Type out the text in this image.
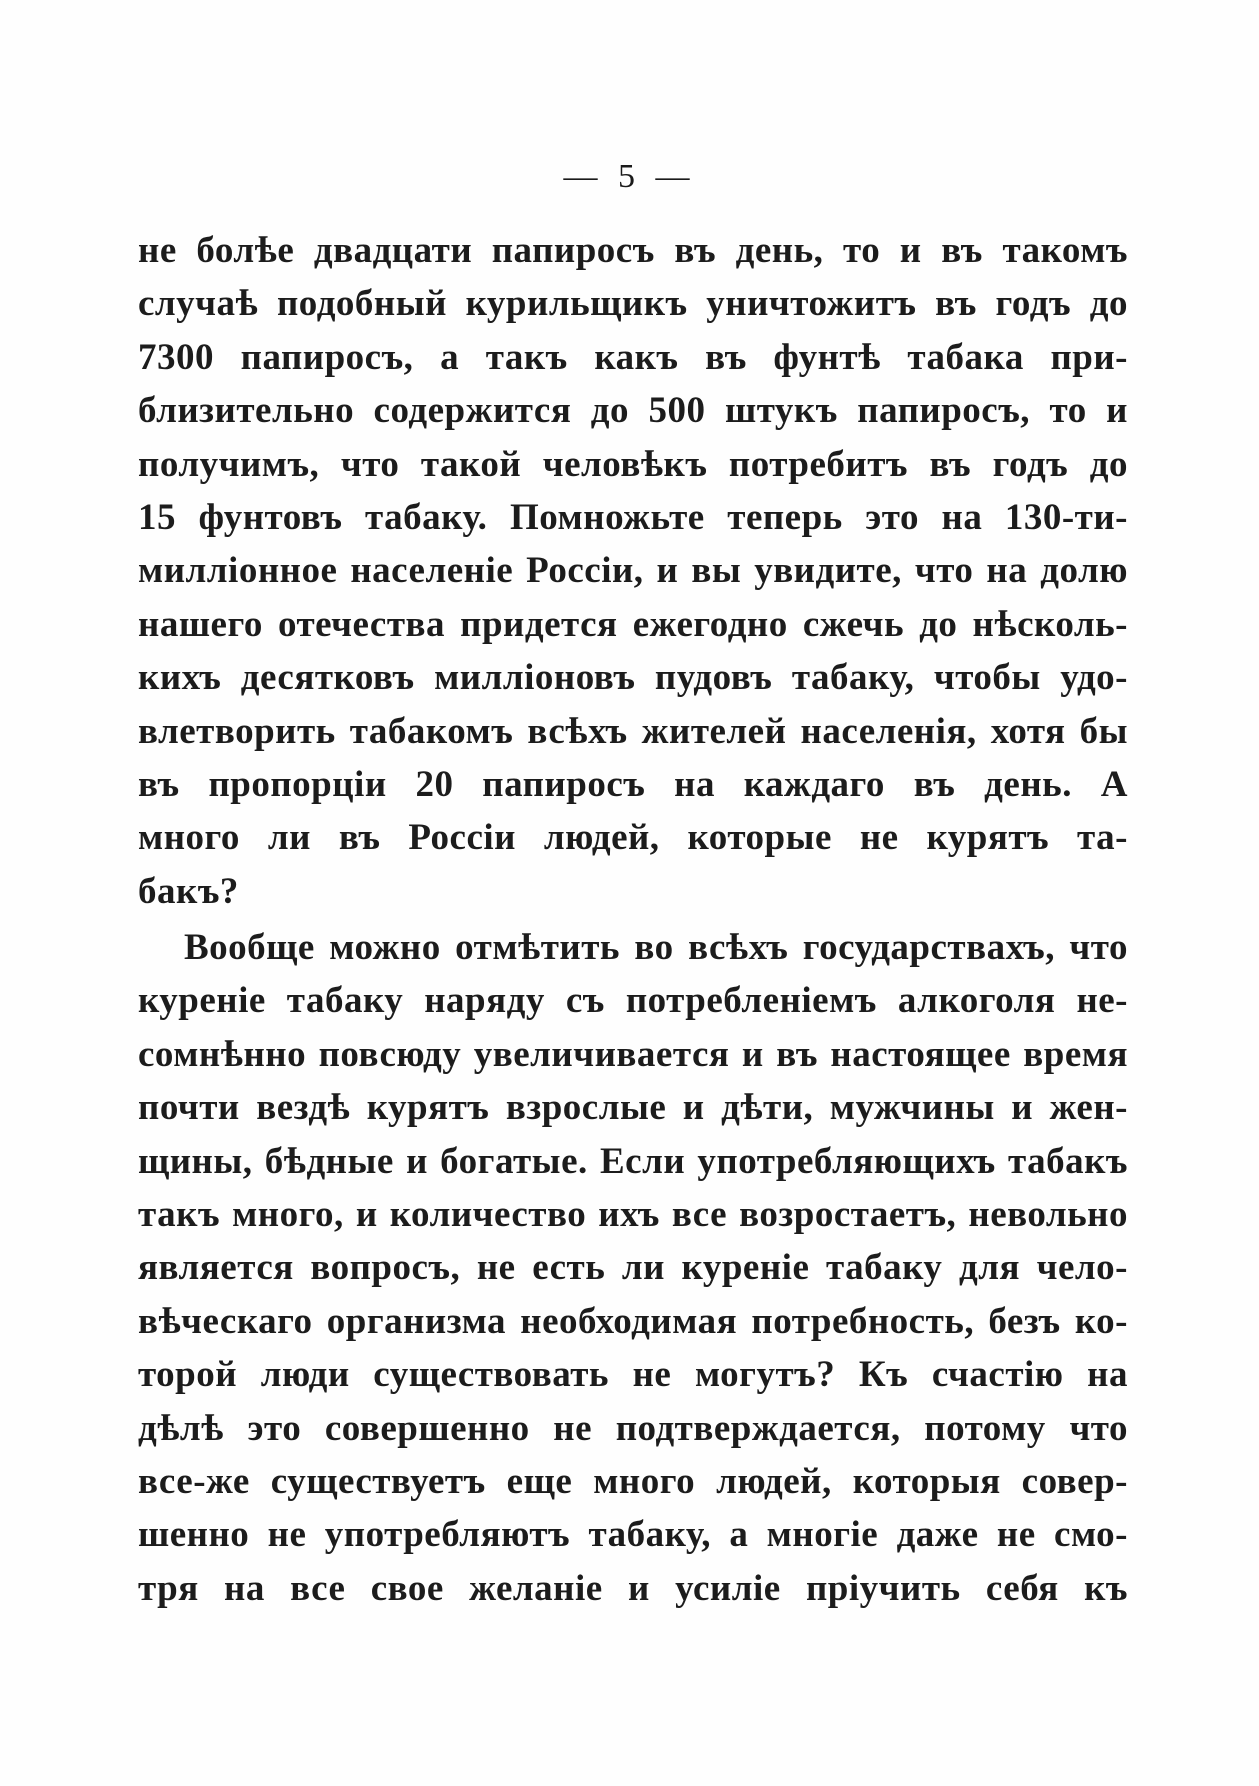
— 5 —
не болѣе двадцати папиросъ въ день, то и въ такомъ
случаѣ подобный курильщикъ уничтожитъ въ годъ до
7300 папиросъ, а такъ какъ въ фунтѣ табака при-
близительно содержится до 500 штукъ папиросъ, то и
получимъ, что такой человѣкъ потребитъ въ годъ до
15 фунтовъ табаку. Помножьте теперь это на 130-ти-
милліонное населеніе Россіи, и вы увидите, что на долю
нашего отечества придется ежегодно сжечь до нѣсколь-
кихъ десятковъ милліоновъ пудовъ табаку, чтобы удо-
влетворить табакомъ всѣхъ жителей населенія, хотя бы
въ пропорціи 20 папиросъ на каждаго въ день. А
много ли въ Россіи людей, которые не курятъ та-
бакъ?
Вообще можно отмѣтить во всѣхъ государствахъ, что
куреніе табаку наряду съ потребленіемъ алкоголя не-
сомнѣнно повсюду увеличивается и въ настоящее время
почти вездѣ курятъ взрослые и дѣти, мужчины и жен-
щины, бѣдные и богатые. Если употребляющихъ табакъ
такъ много, и количество ихъ все возростаетъ, невольно
является вопросъ, не есть ли куреніе табаку для чело-
вѣческаго организма необходимая потребность, безъ ко-
торой люди существовать не могутъ? Къ счастію на
дѣлѣ это совершенно не подтверждается, потому что
все-же существуетъ еще много людей, которыя совер-
шенно не употребляютъ табаку, а многіе даже не смо-
тря на все свое желаніе и усиліе пріучить себя къ
